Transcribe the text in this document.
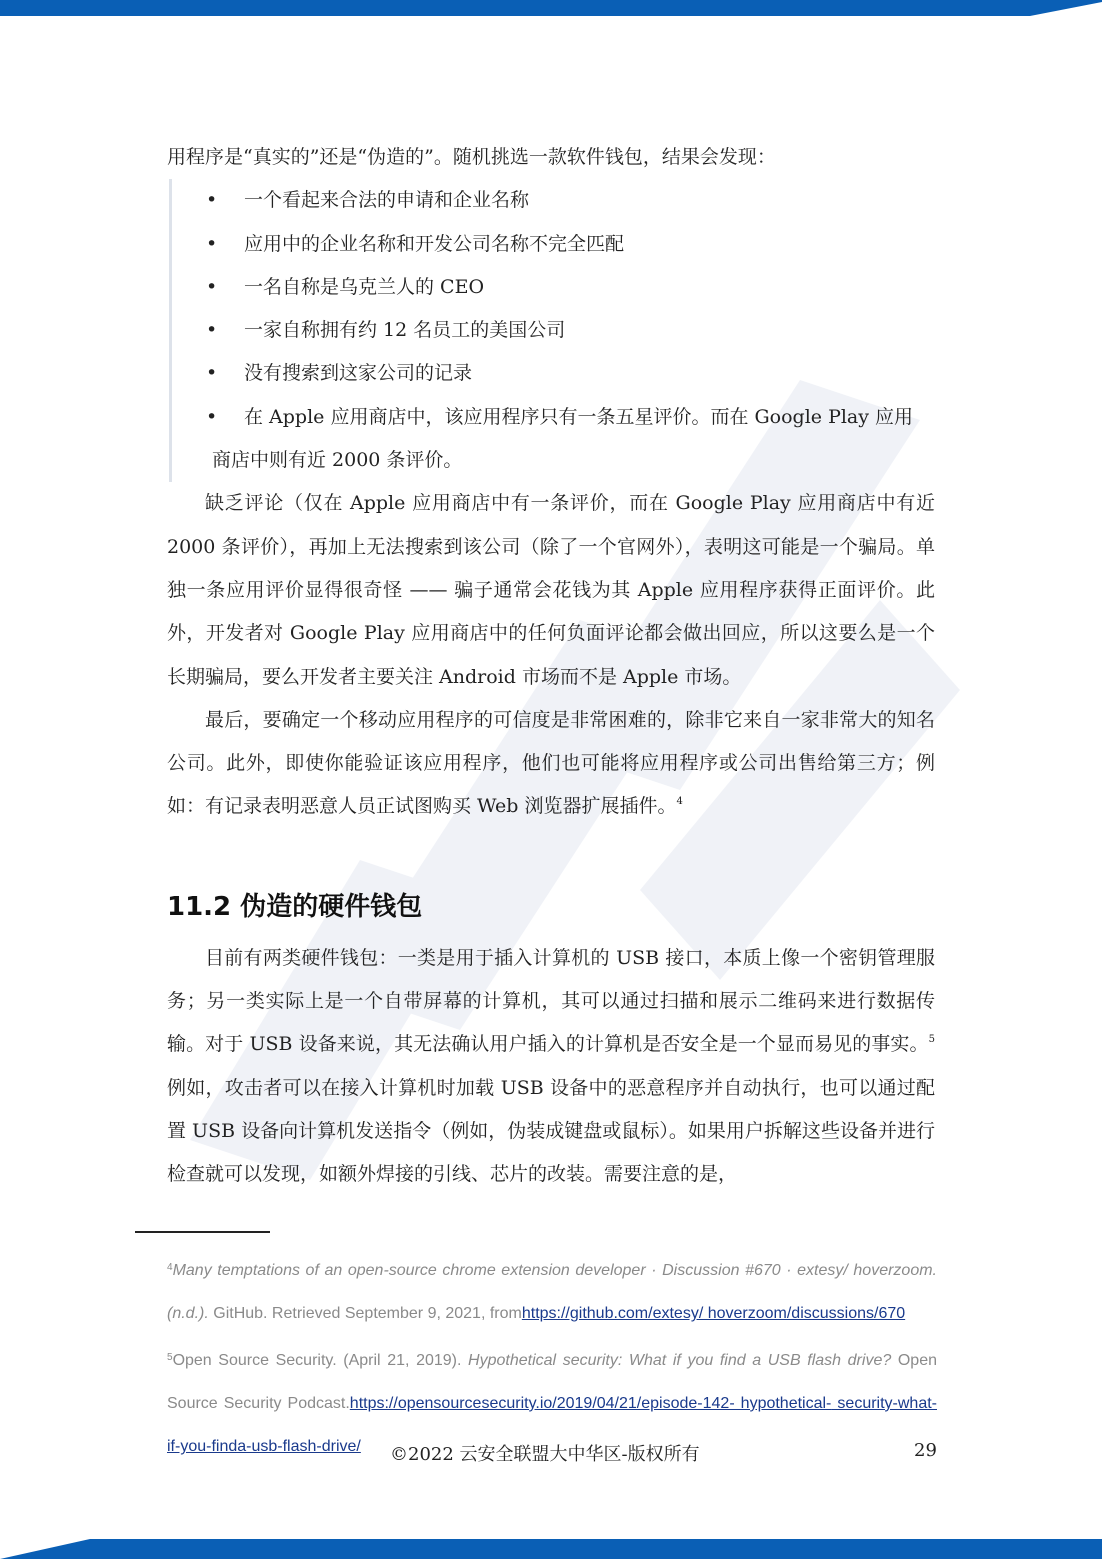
用程序是“真实的”还是“伪造的”。随机挑选一款软件钱包，结果会发现：

•	一个看起来合法的申请和企业名称
•	应用中的企业名称和开发公司名称不完全匹配
•	一名自称是乌克兰人的 CEO
•	一家自称拥有约 12 名员工的美国公司
•	没有搜索到这家公司的记录
•	在 Apple 应用商店中，该应用程序只有一条五星评价。而在 Google Play 应用
商店中则有近 2000 条评价。

缺乏评论（仅在 Apple 应用商店中有一条评价，而在 Google Play 应用商店中有近 2000 条评价），再加上无法搜索到该公司（除了一个官网外），表明这可能是一个骗局。单独一条应用评价显得很奇怪 —— 骗子通常会花钱为其 Apple 应用程序获得正面评价。此外，开发者对 Google Play 应用商店中的任何负面评论都会做出回应，所以这要么是一个长期骗局，要么开发者主要关注 Android 市场而不是 Apple 市场。

最后，要确定一个移动应用程序的可信度是非常困难的，除非它来自一家非常大的知名公司。此外，即使你能验证该应用程序，他们也可能将应用程序或公司出售给第三方；例如：有记录表明恶意人员正试图购买 Web 浏览器扩展插件。$^4$

11.2 伪造的硬件钱包

目前有两类硬件钱包：一类是用于插入计算机的 USB 接口，本质上像一个密钥管理服务；另一类实际上是一个自带屏幕的计算机，其可以通过扫描和展示二维码来进行数据传输。对于 USB 设备来说，其无法确认用户插入的计算机是否安全是一个显而易见的事实。$^5$例如，攻击者可以在接入计算机时加载 USB 设备中的恶意程序并自动执行，也可以通过配置 USB 设备向计算机发送指令（例如，伪装成键盘或鼠标）。如果用户拆解这些设备并进行检查就可以发现，如额外焊接的引线、芯片的改装。需要注意的是，

$^4$Many temptations of an open-source chrome extension developer · Discussion #670 · extesy/ hoverzoom. (n.d.). GitHub. Retrieved September 9, 2021, fromhttps://github.com/extesy/ hoverzoom/discussions/670

$^5$Open Source Security. (April 21, 2019). Hypothetical security: What if you find a USB flash drive? Open Source Security Podcast.https://opensourcesecurity.io/2019/04/21/episode-142- hypothetical- security-what-if-you-finda-usb-flash-drive/	©2022 云安全联盟大中华区-版权所有	29
